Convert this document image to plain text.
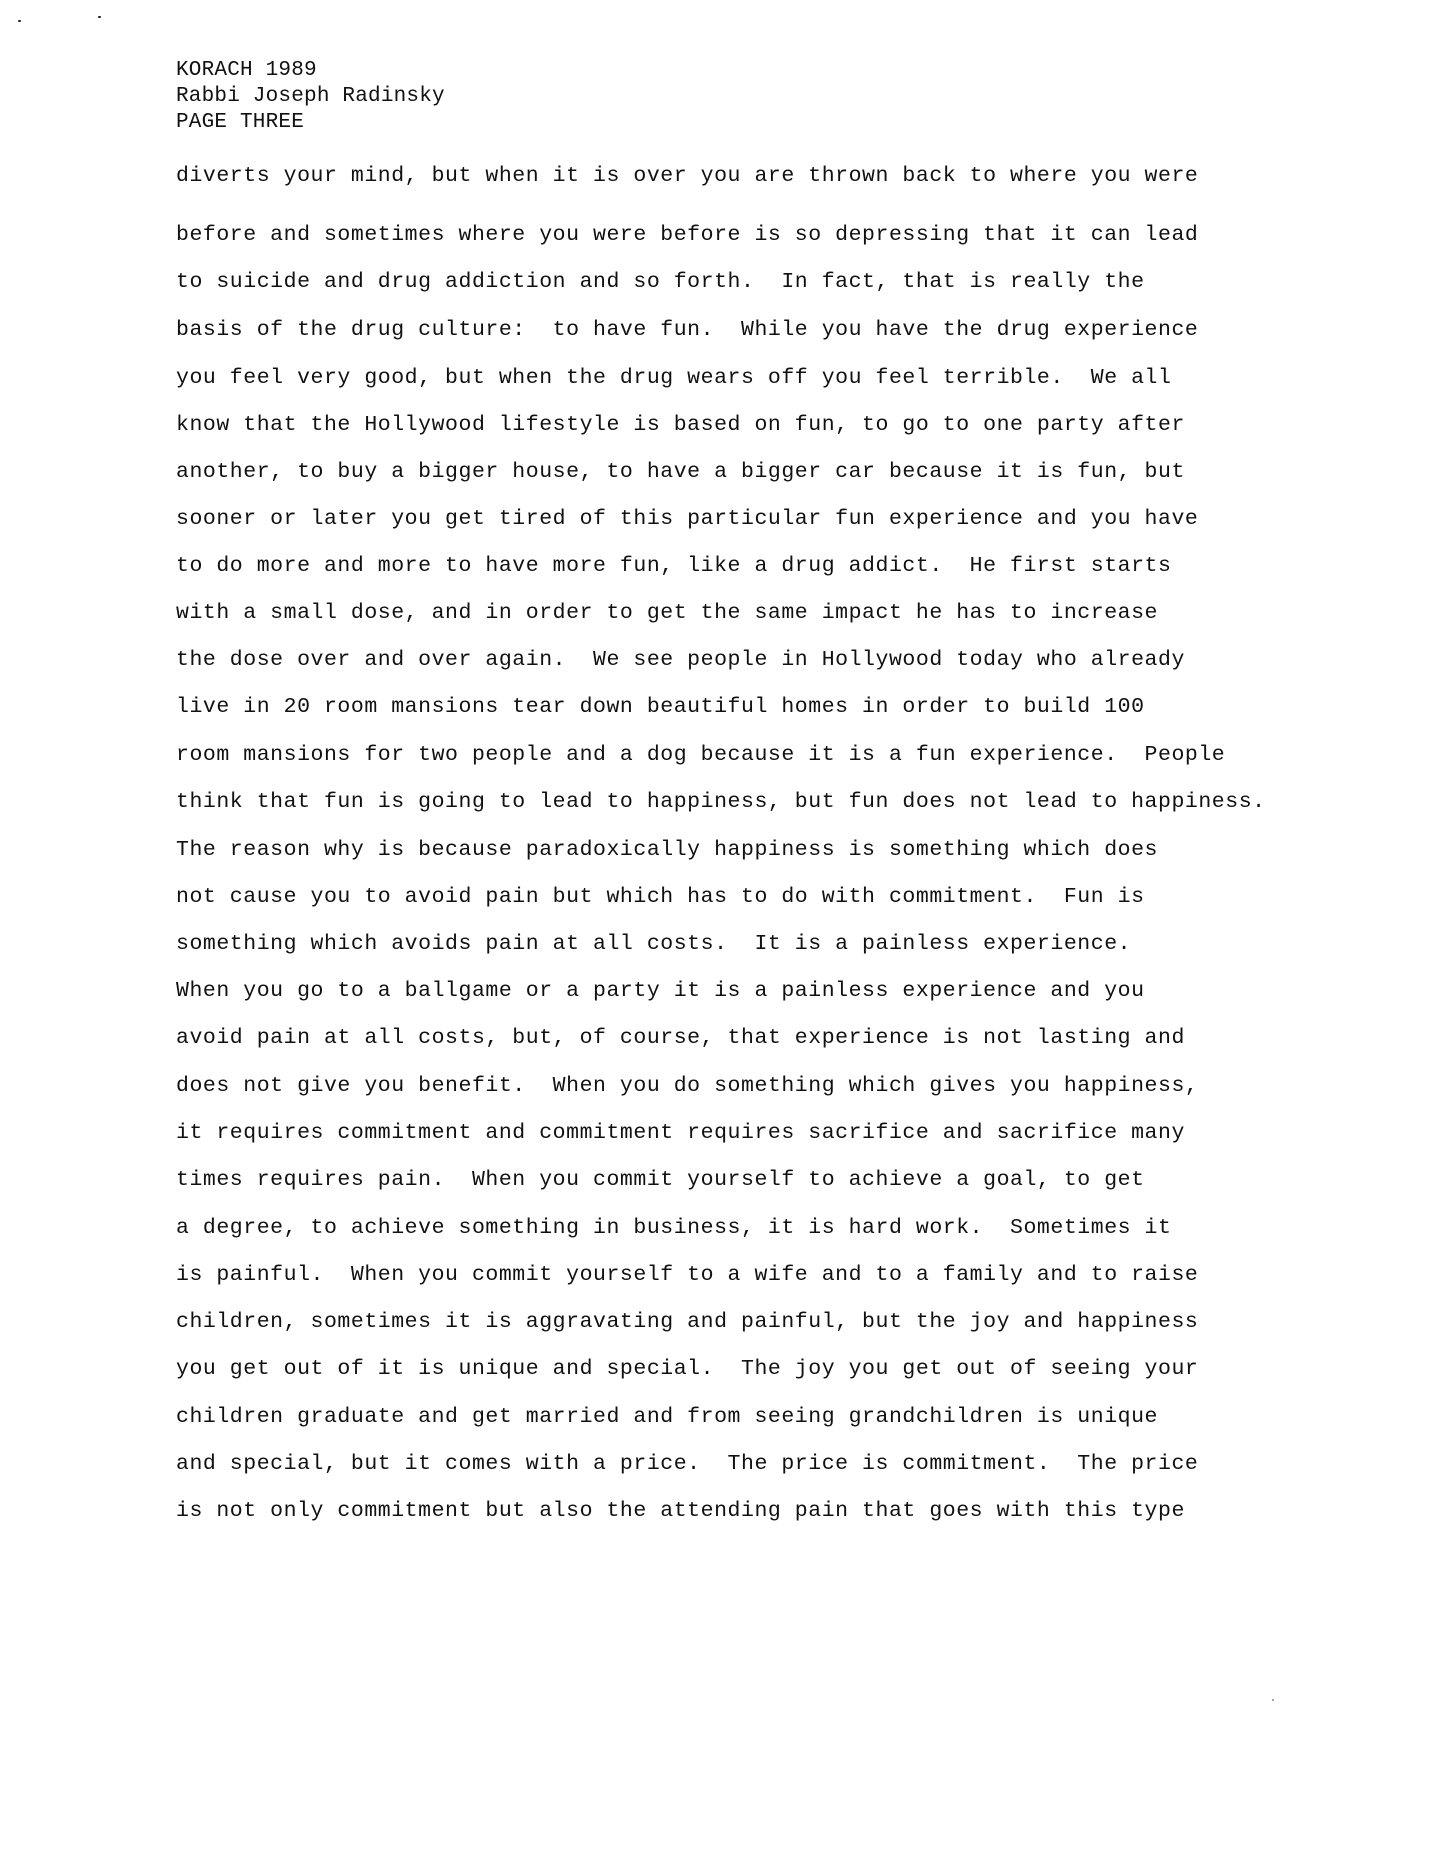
KORACH 1989
Rabbi Joseph Radinsky
PAGE THREE
diverts your mind, but when it is over you are thrown back to where you were
before and sometimes where you were before is so depressing that it can lead
to suicide and drug addiction and so forth.  In fact, that is really the
basis of the drug culture:  to have fun.  While you have the drug experience
you feel very good, but when the drug wears off you feel terrible.  We all
know that the Hollywood lifestyle is based on fun, to go to one party after
another, to buy a bigger house, to have a bigger car because it is fun, but
sooner or later you get tired of this particular fun experience and you have
to do more and more to have more fun, like a drug addict.  He first starts
with a small dose, and in order to get the same impact he has to increase
the dose over and over again.  We see people in Hollywood today who already
live in 20 room mansions tear down beautiful homes in order to build 100
room mansions for two people and a dog because it is a fun experience.  People
think that fun is going to lead to happiness, but fun does not lead to happiness.
The reason why is because paradoxically happiness is something which does
not cause you to avoid pain but which has to do with commitment.  Fun is
something which avoids pain at all costs.  It is a painless experience.
When you go to a ballgame or a party it is a painless experience and you
avoid pain at all costs, but, of course, that experience is not lasting and
does not give you benefit.  When you do something which gives you happiness,
it requires commitment and commitment requires sacrifice and sacrifice many
times requires pain.  When you commit yourself to achieve a goal, to get
a degree, to achieve something in business, it is hard work.  Sometimes it
is painful.  When you commit yourself to a wife and to a family and to raise
children, sometimes it is aggravating and painful, but the joy and happiness
you get out of it is unique and special.  The joy you get out of seeing your
children graduate and get married and from seeing grandchildren is unique
and special, but it comes with a price.  The price is commitment.  The price
is not only commitment but also the attending pain that goes with this type
